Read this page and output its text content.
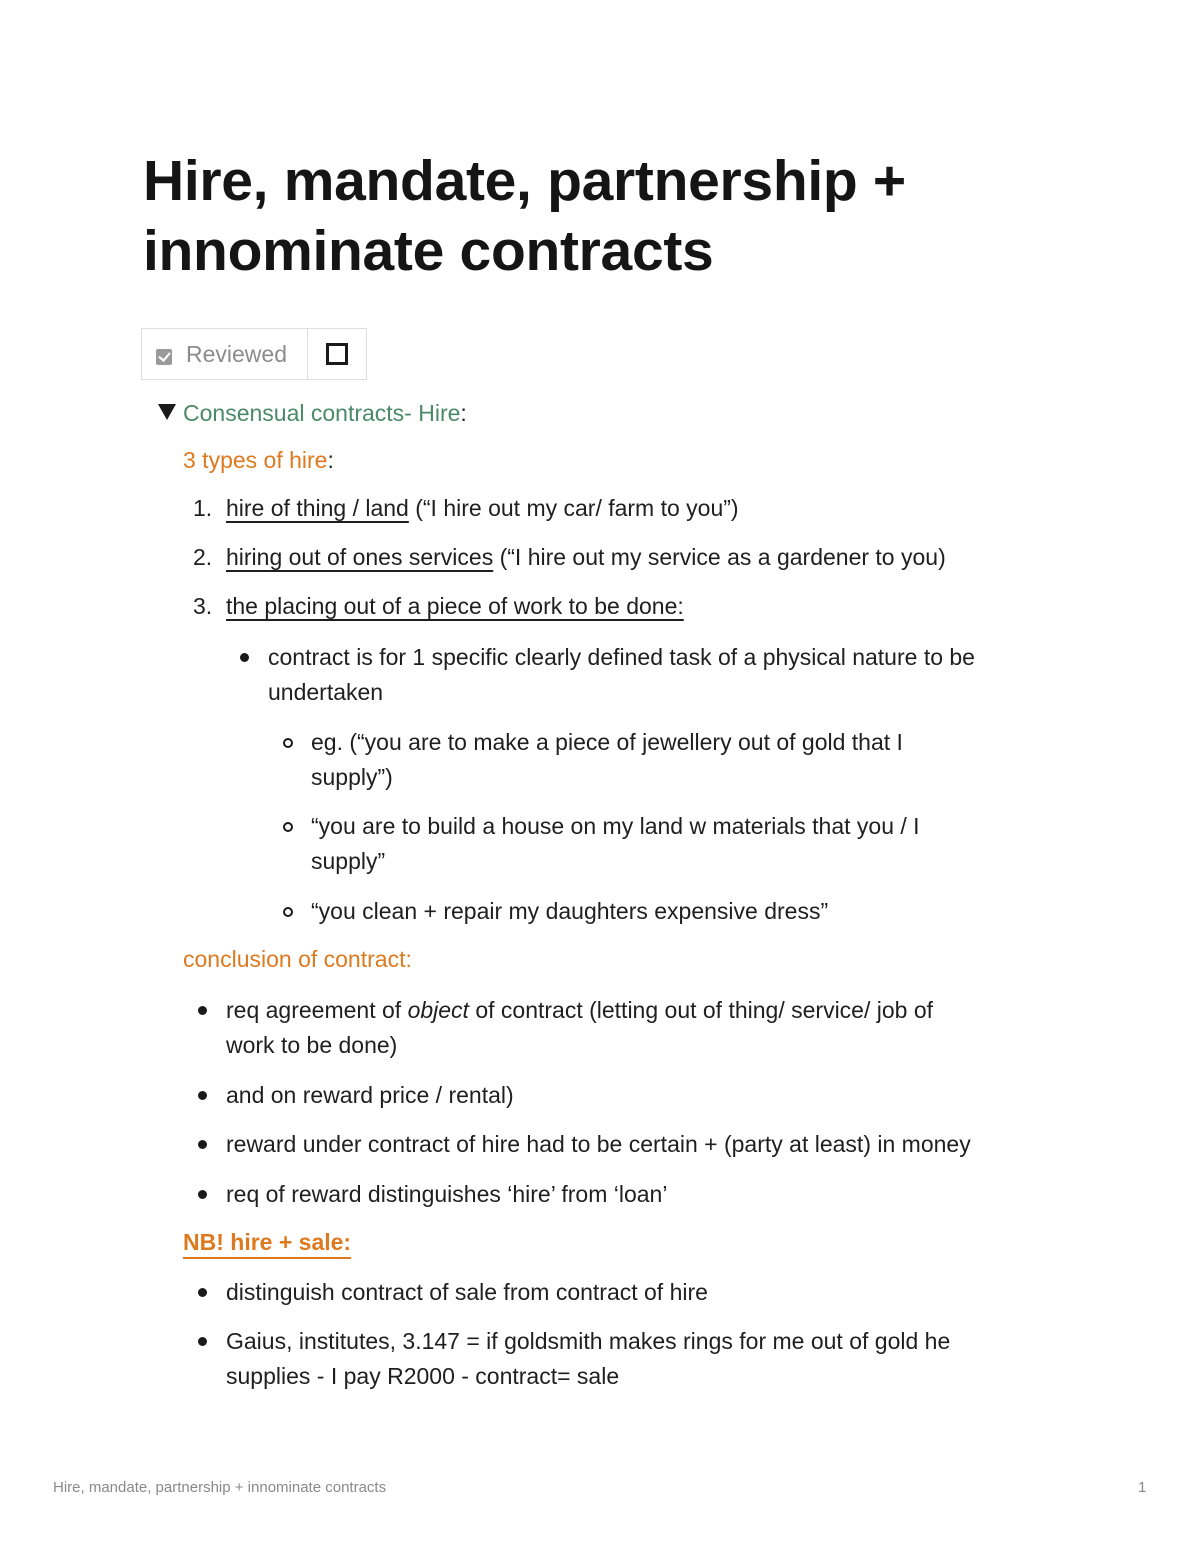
Hire, mandate, partnership + innominate contracts
Reviewed
Consensual contracts- Hire:
3 types of hire:
1. hire of thing / land (“I hire out my car/ farm to you”)
2. hiring out of ones services (“I hire out my service as a gardener to you)
3. the placing out of a piece of work to be done:
contract is for 1 specific clearly defined task of a physical nature to be
undertaken
eg. (“you are to make a piece of jewellery out of gold that I
supply”)
“you are to build a house on my land w materials that you / I
supply”
“you clean + repair my daughters expensive dress”
conclusion of contract:
req agreement of object of contract (letting out of thing/ service/ job of
work to be done)
and on reward price / rental)
reward under contract of hire had to be certain + (party at least) in money
req of reward distinguishes ‘hire’ from ‘loan’
NB! hire + sale:
distinguish contract of sale from contract of hire
Gaius, institutes, 3.147 = if goldsmith makes rings for me out of gold he
supplies - I pay R2000 - contract= sale
Hire, mandate, partnership + innominate contracts	1
